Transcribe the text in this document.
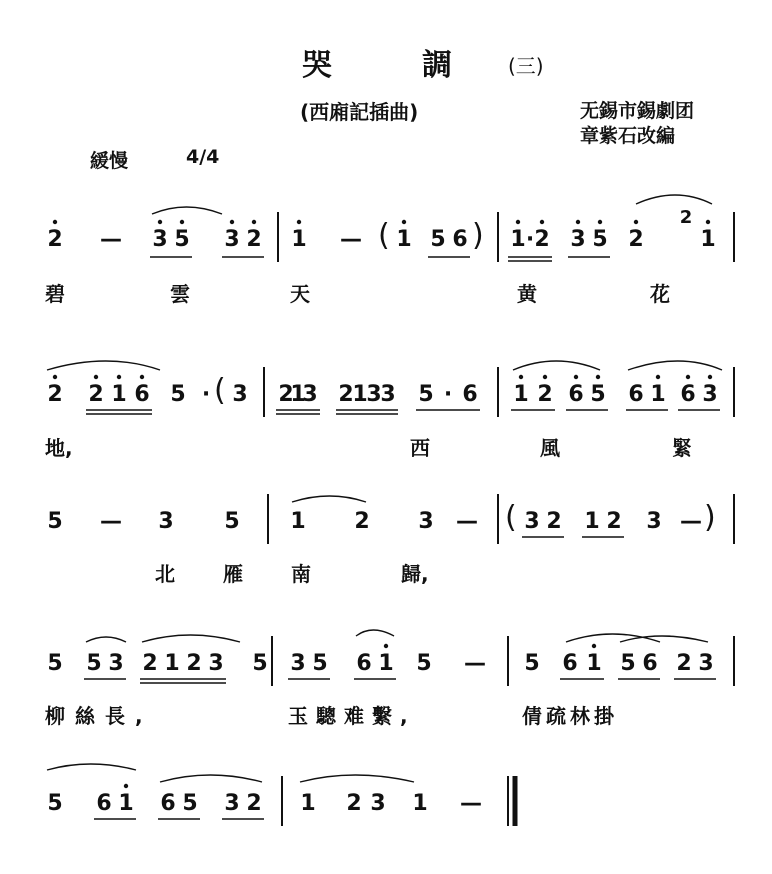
哭	調	(三)
(西廂記插曲)	无錫市錫劇团
章紫石改編
緩慢	4/4
2 — 3 5 3 2 1 — ( 1 5 6 ) 1 · 2 3 5 2
2
1
碧	雲	天	黄	花
2 2 1 6 5 · ( 3 2
1
3 2
1
3
3 5 · 6 1 2 6 5 6 1 6 3
地,	西	風	緊
5 — 3 5 1 2 3 — ( 3 2 1 2 3 — )
北 雁 南	歸,
5 5 3 2 1 2 3 5 3 5 6 1 5 — 5 6 1 5 6 2 3
柳絲長,	玉驄难繫,	倩疏林掛
5 6 1 6 5 3 2 1 2 3 1 —
